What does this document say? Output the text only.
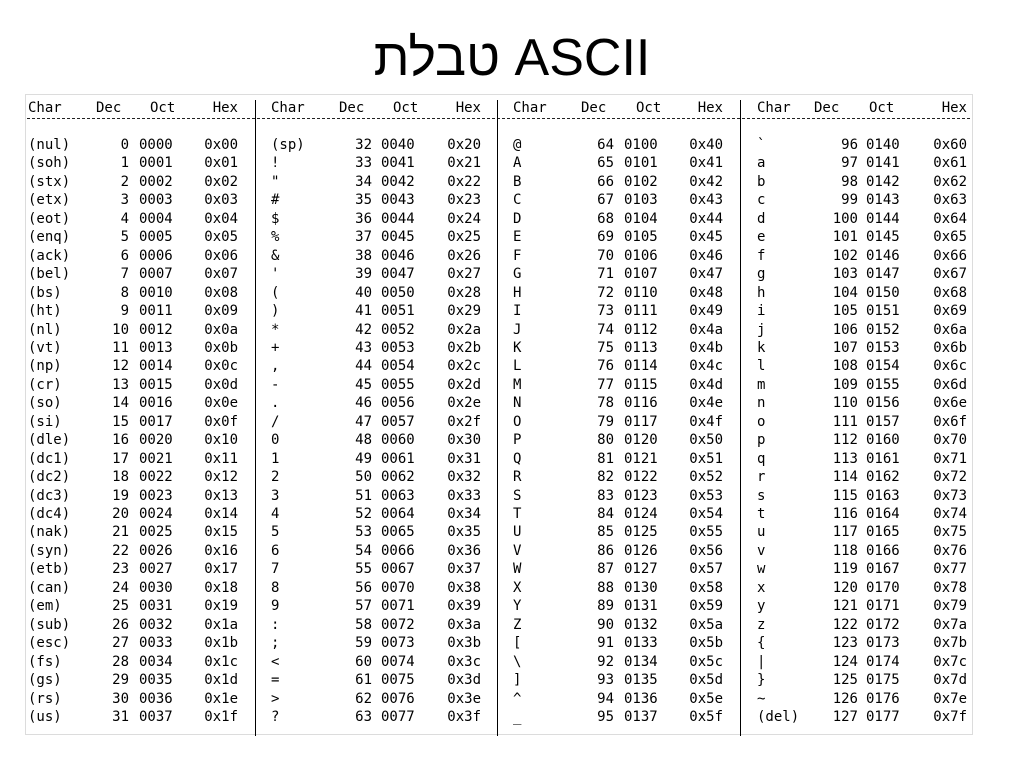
טבלת ASCII
Char Dec Oct	Hex Char Dec Oct	Hex Char Dec Oct	Hex Char Dec Oct	Hex
(nul)	0 0000 0x00 (sp)	32 0040 0x20 @	64 0100 0x40 `	96 0140 0x60
(soh)	1 0001 0x01 !	33 0041 0x21 A	65 0101 0x41 a	97 0141 0x61
(stx)	2 0002 0x02 "	34 0042 0x22 B	66 0102 0x42 b	98 0142 0x62
(etx)	3 0003 0x03 #	35 0043 0x23 C	67 0103 0x43 c	99 0143 0x63
(eot)	4 0004 0x04 $	36 0044 0x24 D	68 0104 0x44 d	100 0144 0x64
(enq)	5 0005 0x05 %	37 0045 0x25 E	69 0105 0x45 e	101 0145 0x65
(ack)	6 0006 0x06 &	38 0046 0x26 F	70 0106 0x46 f	102 0146 0x66
(bel)	7 0007 0x07 '	39 0047 0x27 G	71 0107 0x47 g	103 0147 0x67
(bs)	8 0010 0x08 (	40 0050 0x28 H	72 0110 0x48 h	104 0150 0x68
(ht)	9 0011 0x09 )	41 0051 0x29 I	73 0111 0x49 i	105 0151 0x69
(nl)	10 0012 0x0a *	42 0052 0x2a J	74 0112 0x4a j	106 0152 0x6a
(vt)	11 0013 0x0b +	43 0053 0x2b K	75 0113 0x4b k	107 0153 0x6b
(np)	12 0014 0x0c ,	44 0054 0x2c L	76 0114 0x4c l	108 0154 0x6c
(cr)	13 0015 0x0d -	45 0055 0x2d M	77 0115 0x4d m	109 0155 0x6d
(so)	14 0016 0x0e .	46 0056 0x2e N	78 0116 0x4e n	110 0156 0x6e
(si)	15 0017 0x0f /	47 0057 0x2f O	79 0117 0x4f o	111 0157 0x6f
(dle)	16 0020 0x10 0	48 0060 0x30 P	80 0120 0x50 p	112 0160 0x70
(dc1)	17 0021 0x11 1	49 0061 0x31 Q	81 0121 0x51 q	113 0161 0x71
(dc2)	18 0022 0x12 2	50 0062 0x32 R	82 0122 0x52 r	114 0162 0x72
(dc3)	19 0023 0x13 3	51 0063 0x33 S	83 0123 0x53 s	115 0163 0x73
(dc4)	20 0024 0x14 4	52 0064 0x34 T	84 0124 0x54 t	116 0164 0x74
(nak)	21 0025 0x15 5	53 0065 0x35 U	85 0125 0x55 u	117 0165 0x75
(syn)	22 0026 0x16 6	54 0066 0x36 V	86 0126 0x56 v	118 0166 0x76
(etb)	23 0027 0x17 7	55 0067 0x37 W	87 0127 0x57 w	119 0167 0x77
(can)	24 0030 0x18 8	56 0070 0x38 X	88 0130 0x58 x	120 0170 0x78
(em)	25 0031 0x19 9	57 0071 0x39 Y	89 0131 0x59 y	121 0171 0x79
(sub)	26 0032 0x1a :	58 0072 0x3a Z	90 0132 0x5a z	122 0172 0x7a
(esc)	27 0033 0x1b ;	59 0073 0x3b [	91 0133 0x5b {	123 0173 0x7b
(fs)	28 0034 0x1c <	60 0074 0x3c \	92 0134 0x5c |	124 0174 0x7c
(gs)	29 0035 0x1d =	61 0075 0x3d ]	93 0135 0x5d }	125 0175 0x7d
(rs)	30 0036 0x1e >	62 0076 0x3e ^	94 0136 0x5e ~	126 0176 0x7e
(us)	31 0037 0x1f ?	63 0077 0x3f _	95 0137 0x5f (del) 127 0177 0x7f
